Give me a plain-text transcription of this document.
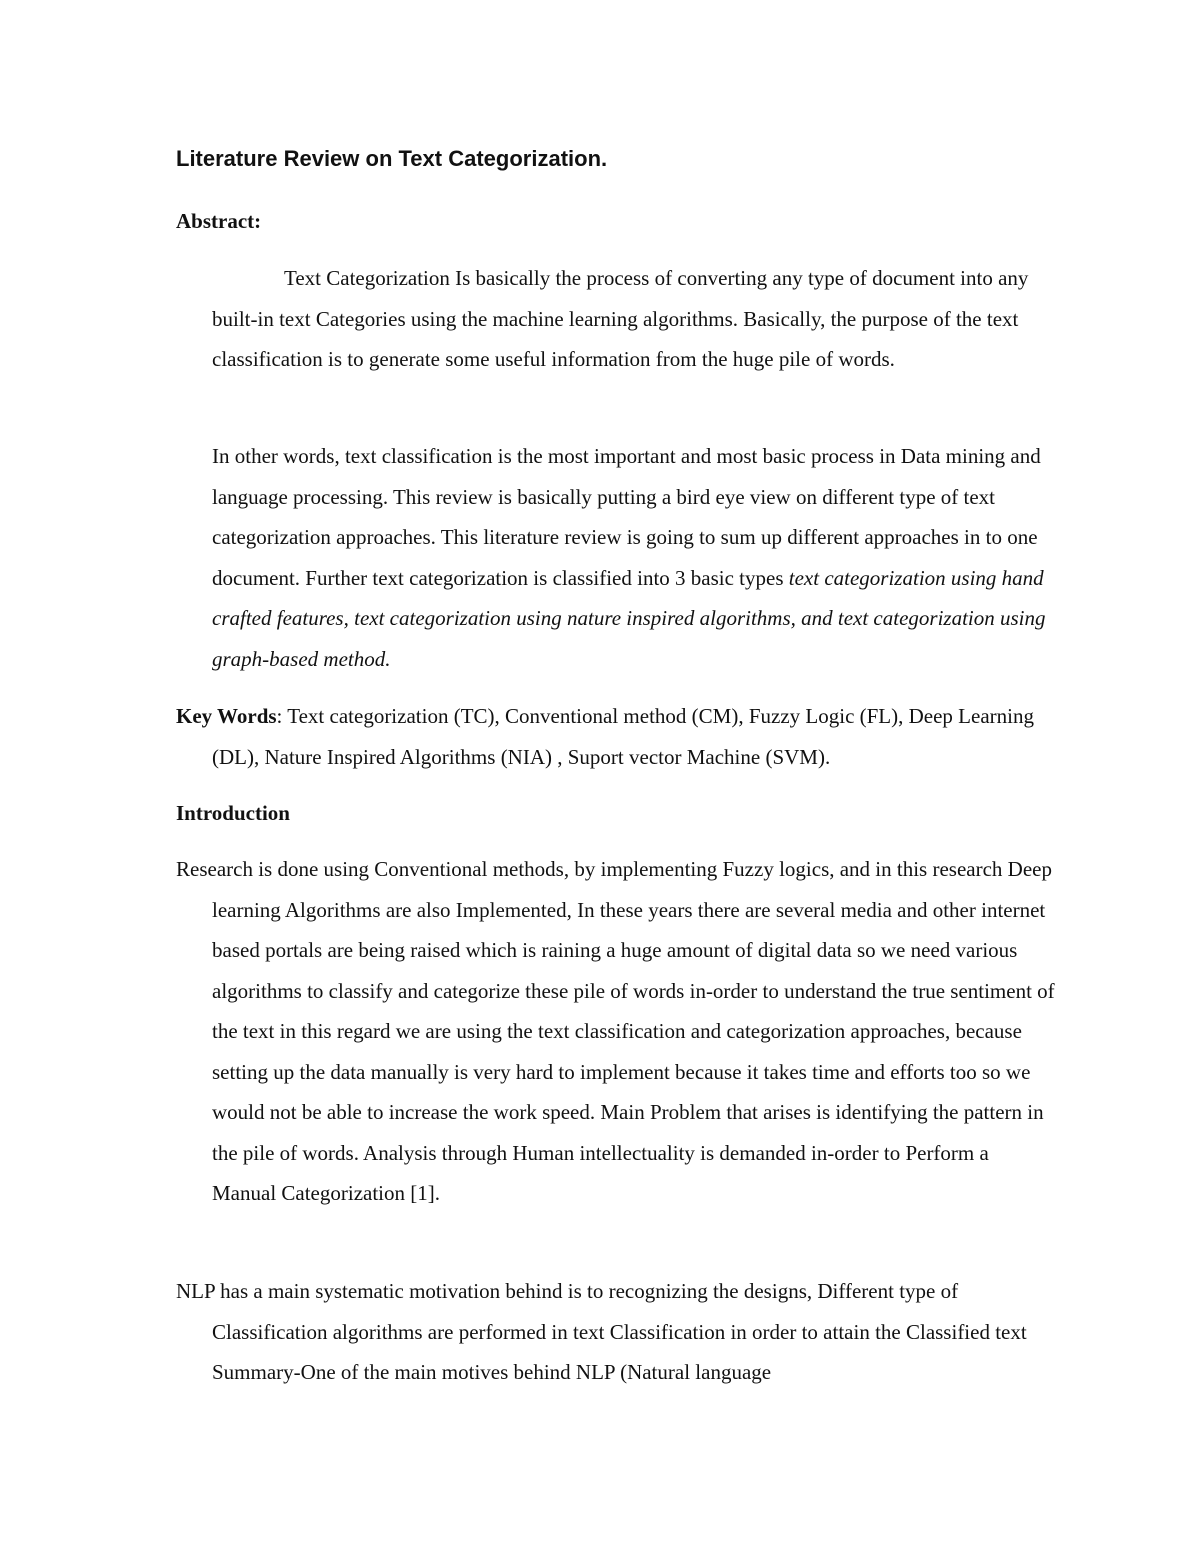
Literature Review on Text Categorization.

Abstract:

Text Categorization Is basically the process of converting any type of document into any built-in text Categories using the machine learning algorithms. Basically, the purpose of the text classification is to generate some useful information from the huge pile of words.

In other words, text classification is the most important and most basic process in Data mining and language processing. This review is basically putting a bird eye view on different type of text categorization approaches. This literature review is going to sum up different approaches in to one document. Further text categorization is classified into 3 basic types text categorization using hand crafted features, text categorization using nature inspired algorithms, and text categorization using graph-based method.

Key Words: Text categorization (TC), Conventional method (CM), Fuzzy Logic (FL), Deep Learning (DL), Nature Inspired Algorithms (NIA) , Suport vector Machine (SVM).

Introduction

Research is done using Conventional methods, by implementing Fuzzy logics, and in this research Deep learning Algorithms are also Implemented, In these years there are several media and other internet based portals are being raised which is raining a huge amount of digital data so we need various algorithms to classify and categorize these pile of words in-order to understand the true sentiment of the text in this regard we are using the text classification and categorization approaches, because setting up the data manually is very hard to implement because it takes time and efforts too so we would not be able to increase the work speed. Main Problem that arises is identifying the pattern in the pile of words. Analysis through Human intellectuality is demanded in-order to Perform a Manual Categorization [1].

NLP has a main systematic motivation behind is to recognizing the designs, Different type of Classification algorithms are performed in text Classification in order to attain the Classified text Summary-One of the main motives behind NLP (Natural language
